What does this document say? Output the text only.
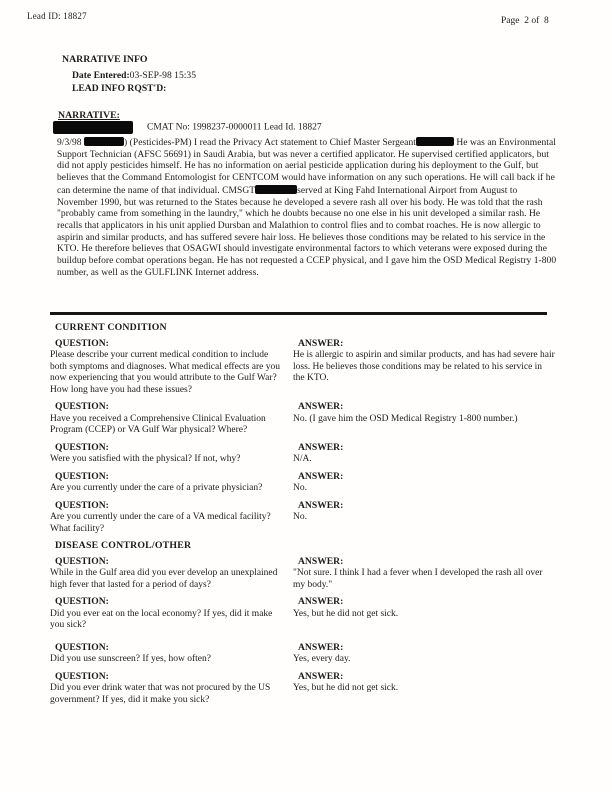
Lead ID: 18827	Page  2 of  8
NARRATIVE INFO
Date Entered:03-SEP-98 15:35
LEAD INFO RQST'D:
NARRATIVE:
CMAT No: 1998237-0000011 Lead Id. 18827
9/3/98	) (Pesticides-PM) I read the Privacy Act statement to Chief Master Sergeant	He was an Environmental Support Technician (AFSC 56691) in Saudi Arabia, but was never a certified applicator. He supervised certified applicators, but did not apply pesticides himself. He has no information on aerial pesticide application during his deployment to the Gulf, but believes that the Command Entomologist for CENTCOM would have information on any such operations. He will call back if he can determine the name of that individual. CMSGT	served at King Fahd International Airport from August to November 1990, but was returned to the States because he developed a severe rash all over his body. He was told that the rash "probably came from something in the laundry," which he doubts because no one else in his unit developed a similar rash. He recalls that applicators in his unit applied Dursban and Malathion to control flies and to combat roaches. He is now allergic to aspirin and similar products, and has suffered severe hair loss. He believes those conditions may be related to his service in the KTO. He therefore believes that OSAGWI should investigate environmental factors to which veterans were exposed during the buildup before combat operations began. He has not requested a CCEP physical, and I gave him the OSD Medical Registry 1-800 number, as well as the GULFLINK Internet address.
CURRENT CONDITION
QUESTION:
Please describe your current medical condition to include both symptoms and diagnoses. What medical effects are you now experiencing that you would attribute to the Gulf War? How long have you had these issues?
ANSWER:
He is allergic to aspirin and similar products, and has had severe hair loss. He believes those conditions may be related to his service in the KTO.
QUESTION:
Have you received a Comprehensive Clinical Evaluation Program (CCEP) or VA Gulf War physical? Where?
ANSWER:
No. (I gave him the OSD Medical Registry 1-800 number.)
QUESTION:
Were you satisfied with the physical? If not, why?
ANSWER:
N/A.
QUESTION:
Are you currently under the care of a private physician?
ANSWER:
No.
QUESTION:
Are you currently under the care of a VA medical facility? What facility?
ANSWER:
No.
DISEASE CONTROL/OTHER
QUESTION:
While in the Gulf area did you ever develop an unexplained high fever that lasted for a period of days?
ANSWER:
"Not sure. I think I had a fever when I developed the rash all over my body."
QUESTION:
Did you ever eat on the local economy? If yes, did it make you sick?
ANSWER:
Yes, but he did not get sick.
QUESTION:
Did you use sunscreen? If yes, how often?
ANSWER:
Yes, every day.
QUESTION:
Did you ever drink water that was not procured by the US government? If yes, did it make you sick?
ANSWER:
Yes, but he did not get sick.
